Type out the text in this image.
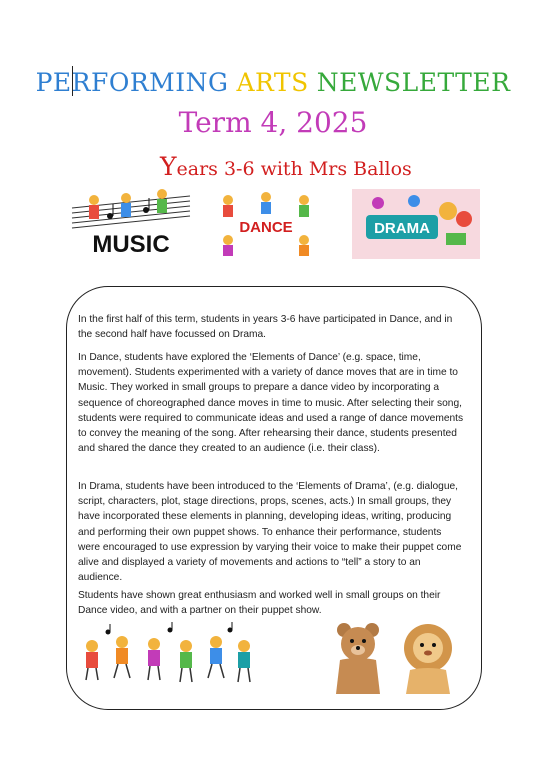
PERFORMING ARTS NEWSLETTER
Term 4, 2025
Years 3-6 with Mrs Ballos
MUSIC
DANCE	DRAMA

In the first half of this term, students in years 3-6 have participated in Dance, and in the second half have focussed on Drama.

In Dance, students have explored the ‘Elements of Dance’ (e.g. space, time, movement). Students experimented with a variety of dance moves that are in time to Music. They worked in small groups to prepare a dance video by incorporating a sequence of choreographed dance moves in time to music. After selecting their song, students were required to communicate ideas and used a range of dance movements to convey the meaning of the song. After rehearsing their dance, students presented and shared the dance they created to an audience (i.e. their class).

In Drama, students have been introduced to the ‘Elements of Drama’, (e.g. dialogue, script, characters, plot, stage directions, props, scenes, acts.) In small groups, they have incorporated these elements in planning, developing ideas, writing, producing and performing their own puppet shows. To enhance their performance, students were encouraged to use expression by varying their voice to make their puppet come alive and displayed a variety of movements and actions to “tell” a story to an audience.

Students have shown great enthusiasm and worked well in small groups on their Dance video, and with a partner on their puppet show.
